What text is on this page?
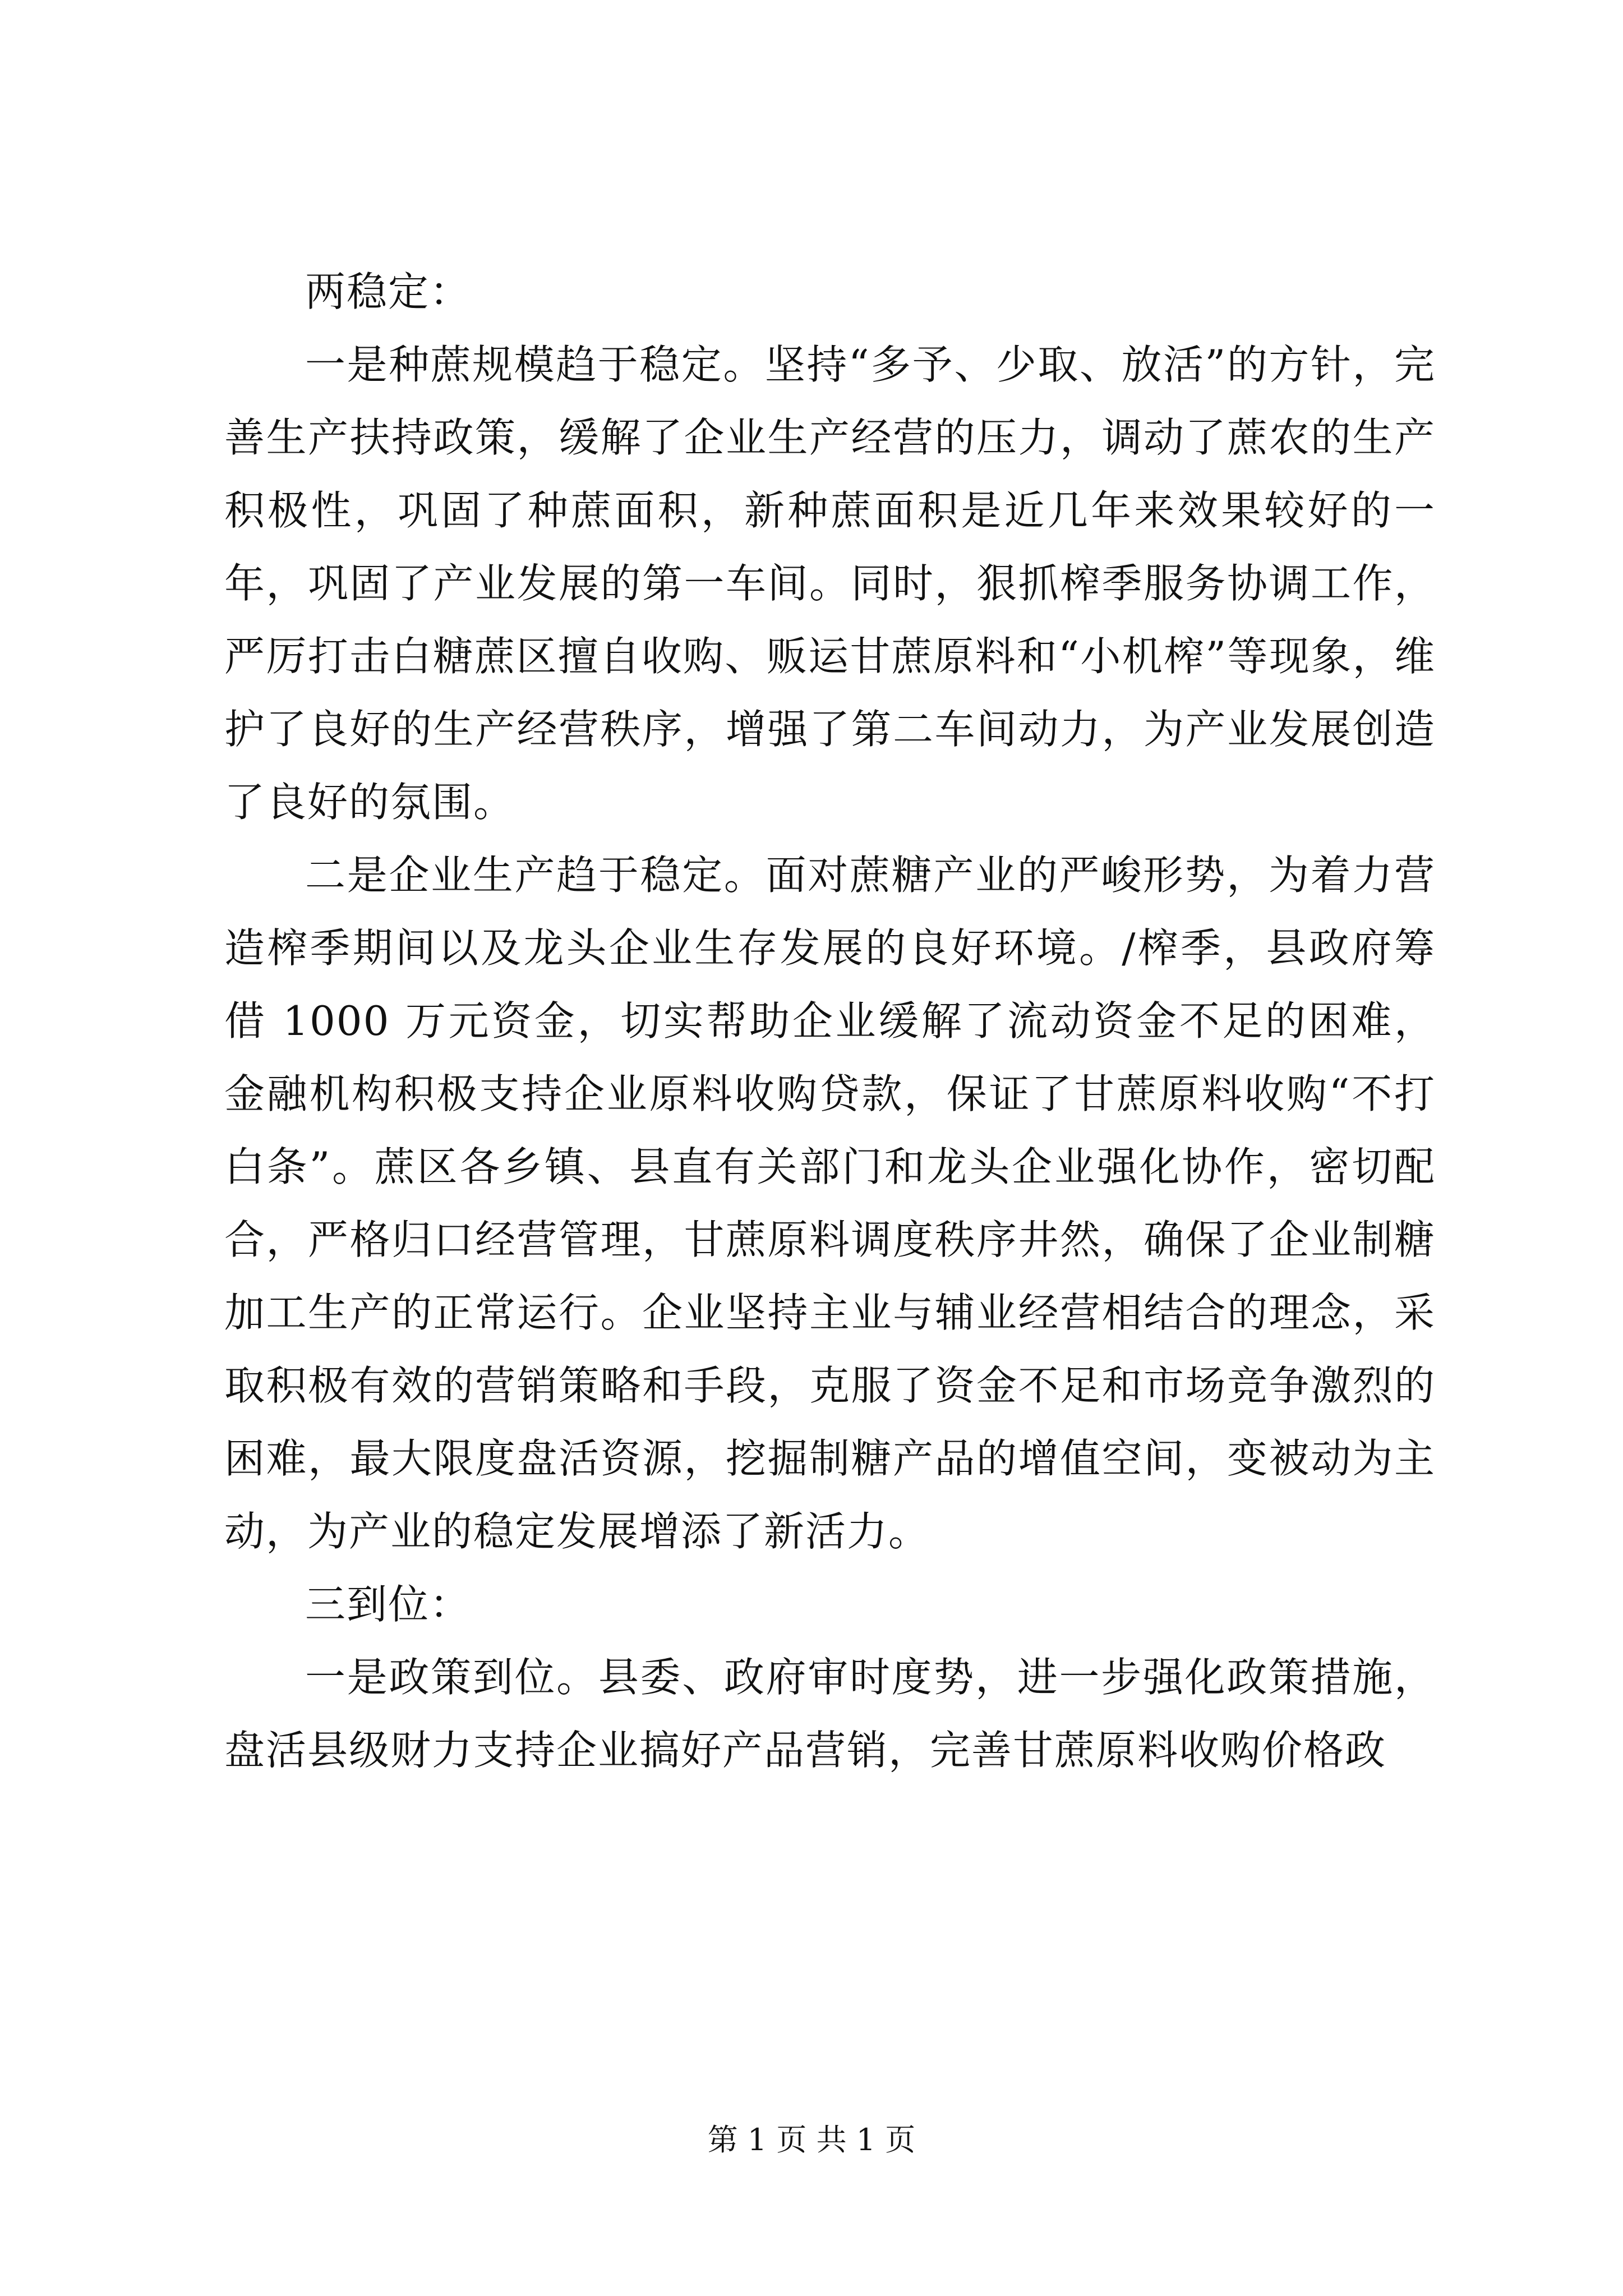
两稳定：

一是种蔗规模趋于稳定。坚持“多予、少取、放活”的方针，完善生产扶持政策，缓解了企业生产经营的压力，调动了蔗农的生产积极性，巩固了种蔗面积，新种蔗面积是近几年来效果较好的一年，巩固了产业发展的第一车间。同时，狠抓榨季服务协调工作，严厉打击白糖蔗区擅自收购、贩运甘蔗原料和“小机榨”等现象，维护了良好的生产经营秩序，增强了第二车间动力，为产业发展创造了良好的氛围。

二是企业生产趋于稳定。面对蔗糖产业的严峻形势，为着力营造榨季期间以及龙头企业生存发展的良好环境。/榨季，县政府筹借 1000 万元资金，切实帮助企业缓解了流动资金不足的困难，金融机构积极支持企业原料收购贷款，保证了甘蔗原料收购“不打白条”。蔗区各乡镇、县直有关部门和龙头企业强化协作，密切配合，严格归口经营管理，甘蔗原料调度秩序井然，确保了企业制糖加工生产的正常运行。企业坚持主业与辅业经营相结合的理念，采取积极有效的营销策略和手段，克服了资金不足和市场竞争激烈的困难，最大限度盘活资源，挖掘制糖产品的增值空间，变被动为主动，为产业的稳定发展增添了新活力。

三到位：

一是政策到位。县委、政府审时度势，进一步强化政策措施，盘活县级财力支持企业搞好产品营销，完善甘蔗原料收购价格政

第 1 页 共 1 页
